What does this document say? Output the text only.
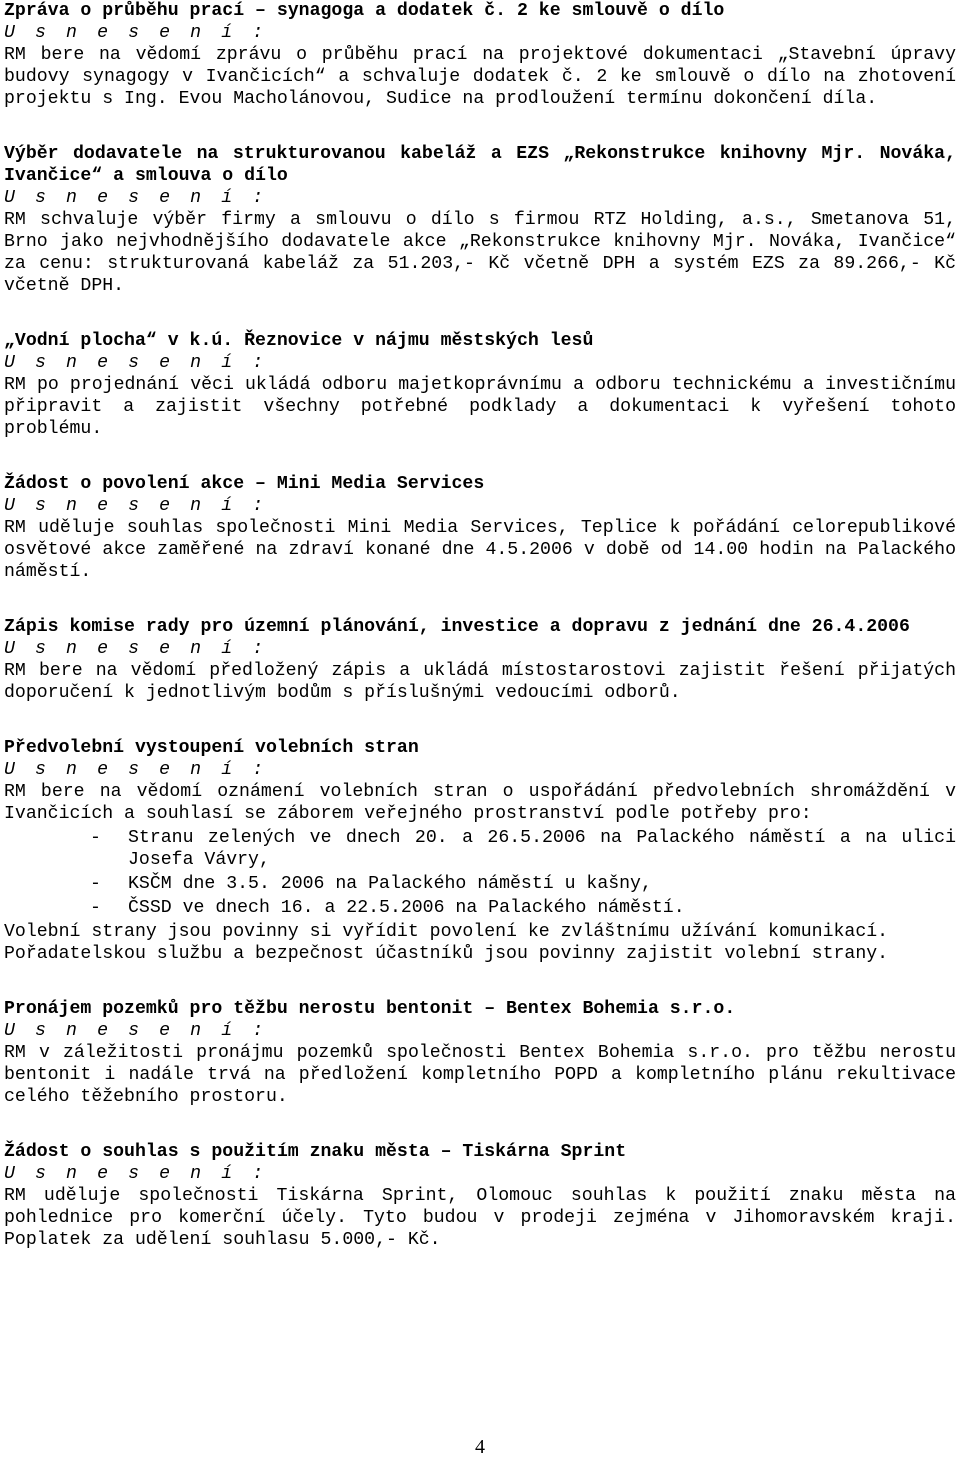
Zpráva o průběhu prací – synagoga a dodatek č. 2 ke smlouvě o dílo

U s n e s e n í :

RM bere na vědomí zprávu o průběhu prací na projektové dokumentaci „Stavební úpravy budovy synagogy v Ivančicích“ a schvaluje dodatek č. 2 ke smlouvě o dílo na zhotovení projektu s Ing. Evou Macholánovou, Sudice na prodloužení termínu dokončení díla.

Výběr dodavatele na strukturovanou kabeláž a EZS „Rekonstrukce knihovny Mjr. Nováka, Ivančice“ a smlouva o dílo

U s n e s e n í :

RM schvaluje výběr firmy a smlouvu o dílo s firmou RTZ Holding, a.s., Smetanova 51, Brno jako nejvhodnějšího dodavatele akce „Rekonstrukce knihovny Mjr. Nováka, Ivančice“ za cenu: strukturovaná kabeláž za 51.203,- Kč včetně DPH a systém EZS za 89.266,- Kč včetně DPH.

„Vodní plocha“ v k.ú. Řeznovice v nájmu městských lesů

U s n e s e n í :

RM po projednání věci ukládá odboru majetkoprávnímu a odboru technickému a investičnímu připravit a zajistit všechny potřebné podklady a dokumentaci k vyřešení tohoto problému.

Žádost o povolení akce – Mini Media Services

U s n e s e n í :

RM uděluje souhlas společnosti Mini Media Services, Teplice k pořádání celorepublikové osvětové akce zaměřené na zdraví konané dne 4.5.2006 v době od 14.00 hodin na Palackého náměstí.

Zápis komise rady pro územní plánování, investice a dopravu z jednání dne 26.4.2006

U s n e s e n í :

RM bere na vědomí předložený zápis a ukládá místostarostovi zajistit řešení přijatých doporučení k jednotlivým bodům s příslušnými vedoucími odborů.

Předvolební vystoupení volebních stran

U s n e s e n í :

RM bere na vědomí oznámení volebních stran o uspořádání předvolebních shromáždění v Ivančicích a souhlasí se záborem veřejného prostranství podle potřeby pro:

- Stranu zelených ve dnech 20. a 26.5.2006 na Palackého náměstí a na ulici Josefa Vávry,
- KSČM dne 3.5. 2006 na Palackého náměstí u kašny,
- ČSSD ve dnech 16. a 22.5.2006 na Palackého náměstí.

Volební strany jsou povinny si vyřídit povolení ke zvláštnímu užívání komunikací.

Pořadatelskou službu a bezpečnost účastníků jsou povinny zajistit volební strany.

Pronájem pozemků pro těžbu nerostu bentonit – Bentex Bohemia s.r.o.

U s n e s e n í :

RM v záležitosti pronájmu pozemků společnosti Bentex Bohemia s.r.o. pro těžbu nerostu bentonit i nadále trvá na předložení kompletního POPD a kompletního plánu rekultivace celého těžebního prostoru.

Žádost o souhlas s použitím znaku města – Tiskárna Sprint

U s n e s e n í :

RM uděluje společnosti Tiskárna Sprint, Olomouc souhlas k použití znaku města na pohlednice pro komerční účely. Tyto budou v prodeji zejména v Jihomoravském kraji. Poplatek za udělení souhlasu 5.000,- Kč.

4
